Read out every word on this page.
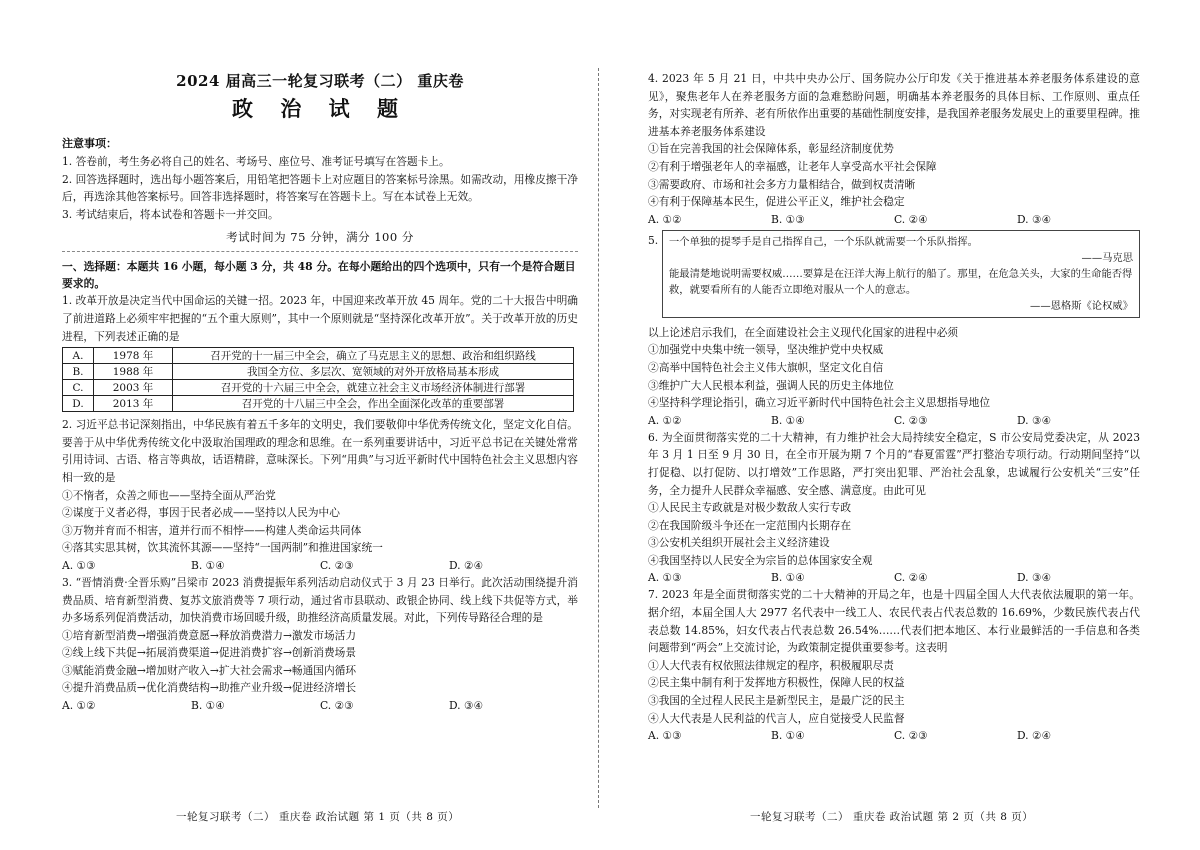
2024 届高三一轮复习联考（二） 重庆卷
政 治 试 题
注意事项：

1. 答卷前，考生务必将自己的姓名、考场号、座位号、准考证号填写在答题卡上。

2. 回答选择题时，选出每小题答案后，用铅笔把答题卡上对应题目的答案标号涂黑。如需改动，用橡皮擦干净后，再选涂其他答案标号。回答非选择题时，将答案写在答题卡上。写在本试卷上无效。

3. 考试结束后，将本试卷和答题卡一并交回。

考试时间为 75 分钟，满分 100 分
一、选择题：本题共 16 小题，每小题 3 分，共 48 分。在每小题给出的四个选项中，只有一个是符合题目要求的。

1. 改革开放是决定当代中国命运的关键一招。2023 年，中国迎来改革开放 45 周年。党的二十大报告中明确了前进道路上必须牢牢把握的“五个重大原则”，其中一个原则就是“坚持深化改革开放”。关于改革开放的历史进程，下列表述正确的是

A.	1978 年	召开党的十一届三中全会，确立了马克思主义的思想、政治和组织路线
B.	1988 年	我国全方位、多层次、宽领域的对外开放格局基本形成
C.	2003 年	召开党的十六届三中全会，就建立社会主义市场经济体制进行部署
D.	2013 年	召开党的十八届三中全会，作出全面深化改革的重要部署

2. 习近平总书记深刻指出，中华民族有着五千多年的文明史，我们要敬仰中华优秀传统文化，坚定文化自信。要善于从中华优秀传统文化中汲取治国理政的理念和思维。在一系列重要讲话中，习近平总书记在关键处常常引用诗词、古语、格言等典故，话语精辟，意味深长。下列“用典”与习近平新时代中国特色社会主义思想内容相一致的是

①不惰者，众善之师也——坚持全面从严治党

②谋度于义者必得，事因于民者必成——坚持以人民为中心

③万物并育而不相害，道并行而不相悖——构建人类命运共同体

④落其实思其树，饮其流怀其源——坚持“一国两制”和推进国家统一

A. ①③	B. ①④	C. ②③	D. ②④

3. “晋情消费·全晋乐购”吕梁市 2023 消费提振年系列活动启动仪式于 3 月 23 日举行。此次活动围绕提升消费品质、培育新型消费、复苏文旅消费等 7 项行动，通过省市县联动、政银企协同、线上线下共促等方式，举办多场系列促消费活动，加快消费市场回暖升级，助推经济高质量发展。对此，下列传导路径合理的是

①培育新型消费→增强消费意愿→释放消费潜力→激发市场活力

②线上线下共促→拓展消费渠道→促进消费扩容→创新消费场景

③赋能消费金融→增加财产收入→扩大社会需求→畅通国内循环

④提升消费品质→优化消费结构→助推产业升级→促进经济增长

A. ①②	B. ①④	C. ②③	D. ③④

4. 2023 年 5 月 21 日，中共中央办公厅、国务院办公厅印发《关于推进基本养老服务体系建设的意见》，聚焦老年人在养老服务方面的急难愁盼问题，明确基本养老服务的具体目标、工作原则、重点任务，对实现老有所养、老有所依作出重要的基础性制度安排，是我国养老服务发展史上的重要里程碑。推进基本养老服务体系建设

①旨在完善我国的社会保障体系，彰显经济制度优势

②有利于增强老年人的幸福感，让老年人享受高水平社会保障

③需要政府、市场和社会多方力量相结合，做到权责清晰

④有利于保障基本民生，促进公平正义，维护社会稳定

A. ①②	B. ①③	C. ②④	D. ③④
5.	一个单独的提琴手是自己指挥自己，一个乐队就需要一个乐队指挥。
——马克思
能最清楚地说明需要权威……要算是在汪洋大海上航行的船了。那里，在危急关头，大家的生命能否得救，就要看所有的人能否立即绝对服从一个人的意志。
——恩格斯《论权威》

以上论述启示我们，在全面建设社会主义现代化国家的进程中必须

①加强党中央集中统一领导，坚决维护党中央权威

②高举中国特色社会主义伟大旗帜，坚定文化自信

③维护广大人民根本利益，强调人民的历史主体地位

④坚持科学理论指引，确立习近平新时代中国特色社会主义思想指导地位

A. ①②	B. ①④	C. ②③	D. ③④

6. 为全面贯彻落实党的二十大精神，有力维护社会大局持续安全稳定，S 市公安局党委决定，从 2023 年 3 月 1 日至 9 月 30 日，在全市开展为期 7 个月的“春夏雷霆”严打整治专项行动。行动期间坚持“以打促稳、以打促防、以打增效”工作思路，严打突出犯罪、严治社会乱象，忠诚履行公安机关“三安”任务，全力提升人民群众幸福感、安全感、满意度。由此可见

①人民民主专政就是对极少数敌人实行专政

②在我国阶级斗争还在一定范围内长期存在

③公安机关组织开展社会主义经济建设

④我国坚持以人民安全为宗旨的总体国家安全观

A. ①③	B. ①④	C. ②④	D. ③④

7. 2023 年是全面贯彻落实党的二十大精神的开局之年，也是十四届全国人大代表依法履职的第一年。据介绍，本届全国人大 2977 名代表中一线工人、农民代表占代表总数的 16.69%，少数民族代表占代表总数 14.85%，妇女代表占代表总数 26.54%……代表们把本地区、本行业最鲜活的一手信息和各类问题带到“两会”上交流讨论，为政策制定提供重要参考。这表明

①人大代表有权依照法律规定的程序，积极履职尽责

②民主集中制有利于发挥地方积极性，保障人民的权益

③我国的全过程人民民主是新型民主，是最广泛的民主

④人大代表是人民利益的代言人，应自觉接受人民监督

A. ①③	B. ①④	C. ②③	D. ②④
一轮复习联考（二） 重庆卷 政治试题 第 1 页（共 8 页）	一轮复习联考（二） 重庆卷 政治试题 第 2 页（共 8 页）
